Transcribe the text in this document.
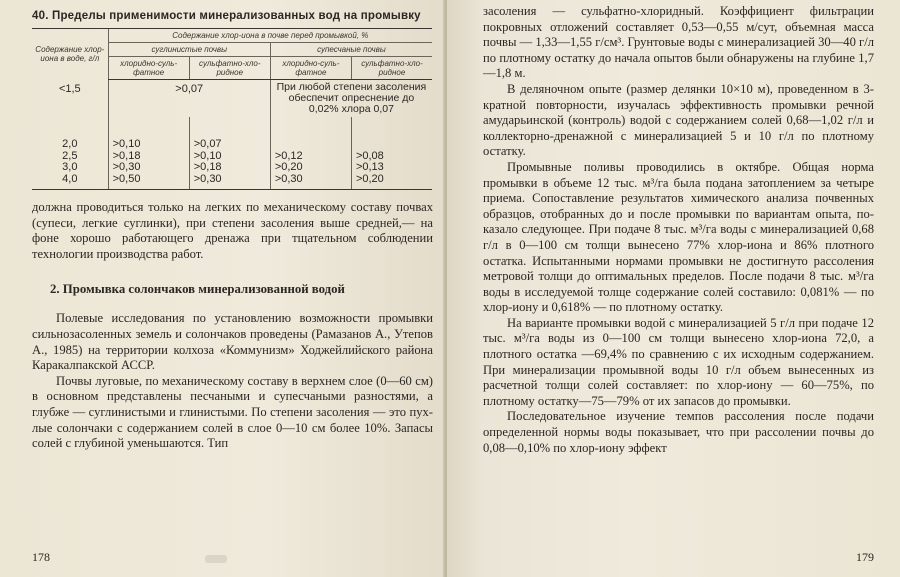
40. Пределы применимости минерализованных вод на промывку
Содержание хлор-иона в воде, г/л	Содержание хлор-иона в почве перед промывкой, %			
	суглинистые почвы		супесчаные почвы	
	хлоридно-сульфатное	сульфатно-хлоридное	хлоридно-сульфатное	сульфатно-хлоридное
<1,5	>0,07		При любой степени засоления обеспечит опреснение до 0,02% хлора 0,07	

2,0	>0,10	>0,07		
2,5	>0,18	>0,10	>0,12	>0,08
3,0	>0,30	>0,18	>0,20	>0,13
4,0	>0,50	>0,30	>0,30	>0,20

должна проводиться только на легких по механическому составу почвах (супеси, легкие суглинки), при степени засоления выше средней,— на фоне хорошо работающего дренажа при тщательном соблюдении технологии производства работ.

2. Промывка солончаков минерализованной водой

Полевые исследования по установлению возможности промывки сильнозасоленных земель и солончаков проведены (Рамазанов А., Утепов А., 1985) на территории колхоза «Коммунизм» Ходжейлийского района Каракалпакской АССР.

Почвы луговые, по механическому составу в верхнем слое (0—60 см) в основном представлены песчаными и супесчаными разностями, а глубже — суглинистыми и глинистыми. По степени засоления — это пухлые солончаки с содержанием солей в слое 0—10 см более 10%. Запасы солей с глубиной уменьшаются. Тип

178

засоления — сульфатно-хлоридный. Коэффициент фильтрации покровных отложений составляет 0,53—0,55 м/сут, объемная масса почвы — 1,33—1,55 г/см³. Грунтовые воды с минерализацией 30—40 г/л по плотному остатку до начала опытов были обнаружены на глубине 1,7—1,8 м.

В деляночном опыте (размер делянки 10×10 м), проведенном в 3-кратной повторности, изучалась эффективность промывки речной амударьинской (контроль) водой с содержанием солей 0,68—1,02 г/л и коллекторно-дренажной с минерализацией 5 и 10 г/л по плотному остатку.

Промывные поливы проводились в октябре. Общая норма промывки в объеме 12 тыс. м³/га была подана затоплением за четыре приема. Сопоставление результатов химического анализа почвенных образцов, отобранных до и после промывки по вариантам опыта, показало следующее. При подаче 8 тыс. м³/га воды с минерализацией 0,68 г/л в 0—100 см толщи вынесено 77% хлор-иона и 86% плотного остатка. Испытанными нормами промывки не достигнуто рассоления метровой толщи до оптимальных пределов. После подачи 8 тыс. м³/га воды в исследуемой толще содержание солей составило: 0,081% — по хлор-иону и 0,618% — по плотному остатку.

На варианте промывки водой с минерализацией 5 г/л при подаче 12 тыс. м³/га воды из 0—100 см толщи вынесено хлор-иона 72,0, а плотного остатка —69,4% по сравнению с их исходным содержанием. При минерализации промывной воды 10 г/л объем вынесенных из расчетной толщи солей составляет: по хлор-иону — 60—75%, по плотному остатку—75—79% от их запасов до промывки.

Последовательное изучение темпов рассоления после подачи определенной нормы воды показывает, что при рассолении почвы до 0,08—0,10% по хлор-иону эффект

179
